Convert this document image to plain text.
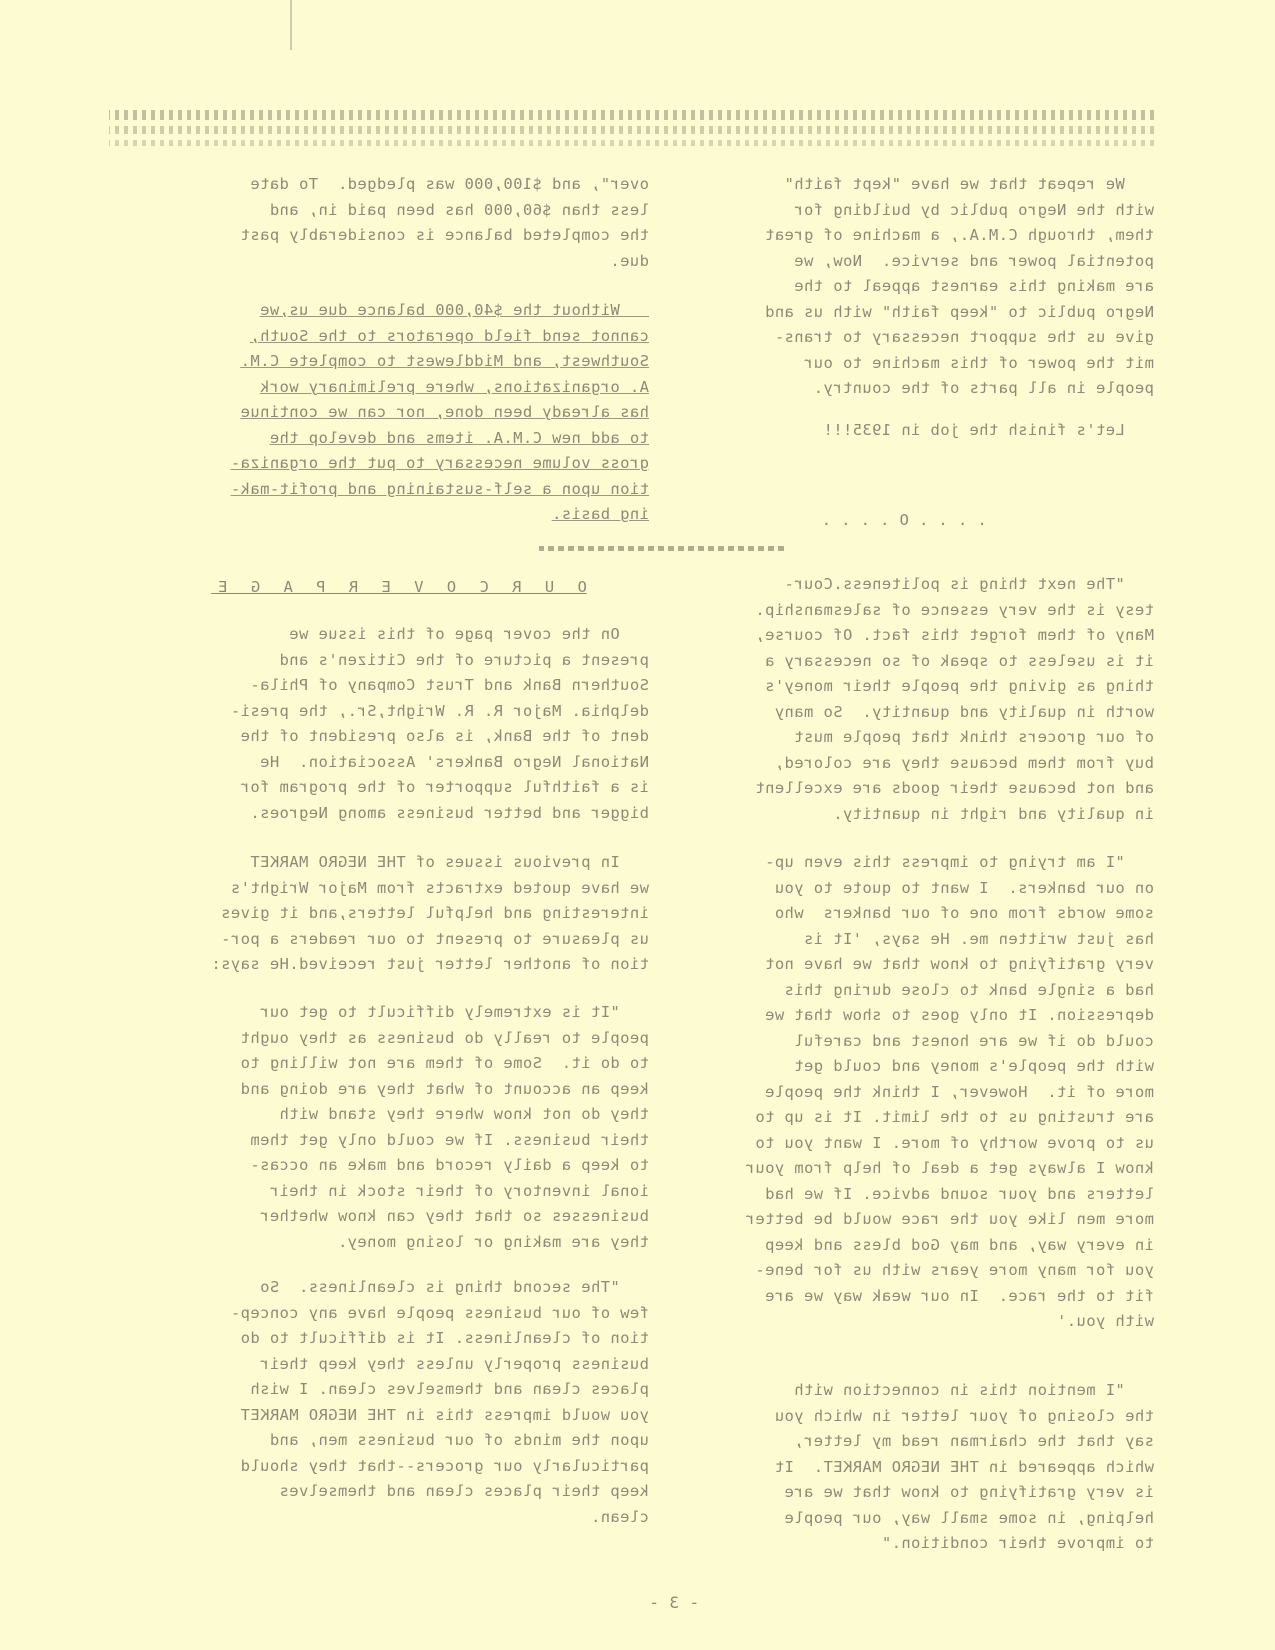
over", and $100,000 was pledged.  To date
less than $60,000 has been paid in, and
the completed balance is considerably past
due.

Without the $40,000 balance due us,we
cannot send field operators to the South,
Southwest, and Middlewest to complete C.M.
A. organizations, where preliminary work
has already been done, nor can we continue
to add new C.M.A. items and develop the
gross volume necessary to put the organiza-
tion upon a self-sustaining and profit-mak-
ing basis.

O U R C O V E R P A G E

On the cover page of this issue we
present a picture of the Citizen's and
Southern Bank and Trust Company of Phila-
delphia. Major R. R. Wright,Sr., the presi-
dent of the Bank, is also president of the
National Negro Bankers' Association.  He
is a faithful supporter of the program for
bigger and better business among Negroes.

In previous issues of THE NEGRO MARKET
we have quoted extracts from Major Wright's
interesting and helpful letters,and it gives
us pleasure to present to our readers a por-
tion of another letter just received.He says:

"It is extremely difficult to get our
people to really do business as they ought
to do it.  Some of them are not willing to
keep an account of what they are doing and
they do not know where they stand with
their business. If we could only get them
to keep a daily record and make an occas-
ional inventory of their stock in their
businesses so that they can know whether
they are making or losing money.

"The second thing is cleanliness.  So
few of our business people have any concep-
tion of cleanliness. It is difficult to do
business properly unless they keep their
places clean and themselves clean. I wish
you would impress this in THE NEGRO MARKET
upon the minds of our business men, and
particularly our grocers--that they should
keep their places clean and themselves
clean.

We repeat that we have "kept faith"
with the Negro public by building for
them, through C.M.A., a machine of great
potential power and service.  Now, we
are making this earnest appeal to the
Negro public to "keep faith" with us and
give us the support necessary to trans-
mit the power of this machine to our
people in all parts of the country.

Let's finish the job in 1935!!!

. . . . O . . . .

"The next thing is politeness.Cour-
tesy is the very essence of salesmanship.
Many of them forget this fact. Of course,
it is useless to speak of so necessary a
thing as giving the people their money's
worth in quality and quantity.  So many
of our grocers think that people must
buy from them because they are colored,
and not because their goods are excellent
in quality and right in quantity.

"I am trying to impress this even up-
on our bankers.  I want to quote to you
some words from one of our bankers  who
has just written me. He says, 'It is
very gratifying to know that we have not
had a single bank to close during this
depression. It only goes to show that we
could do if we are honest and careful
with the people's money and could get
more of it.  However, I think the people
are trusting us to the limit. It is up to
us to prove worthy of more. I want you to
know I always get a deal of help from your
letters and your sound advice. If we had
more men like you the race would be better
in every way, and may God bless and keep
you for many more years with us for bene-
fit to the race.  In our weak way we are
with you.'

"I mention this in connection with
the closing of your letter in which you
say that the chairman read my letter,
which appeared in THE NEGRO MARKET.  It
is very gratifying to know that we are
helping, in some small way, our people
to improve their condition."

- 3 -
